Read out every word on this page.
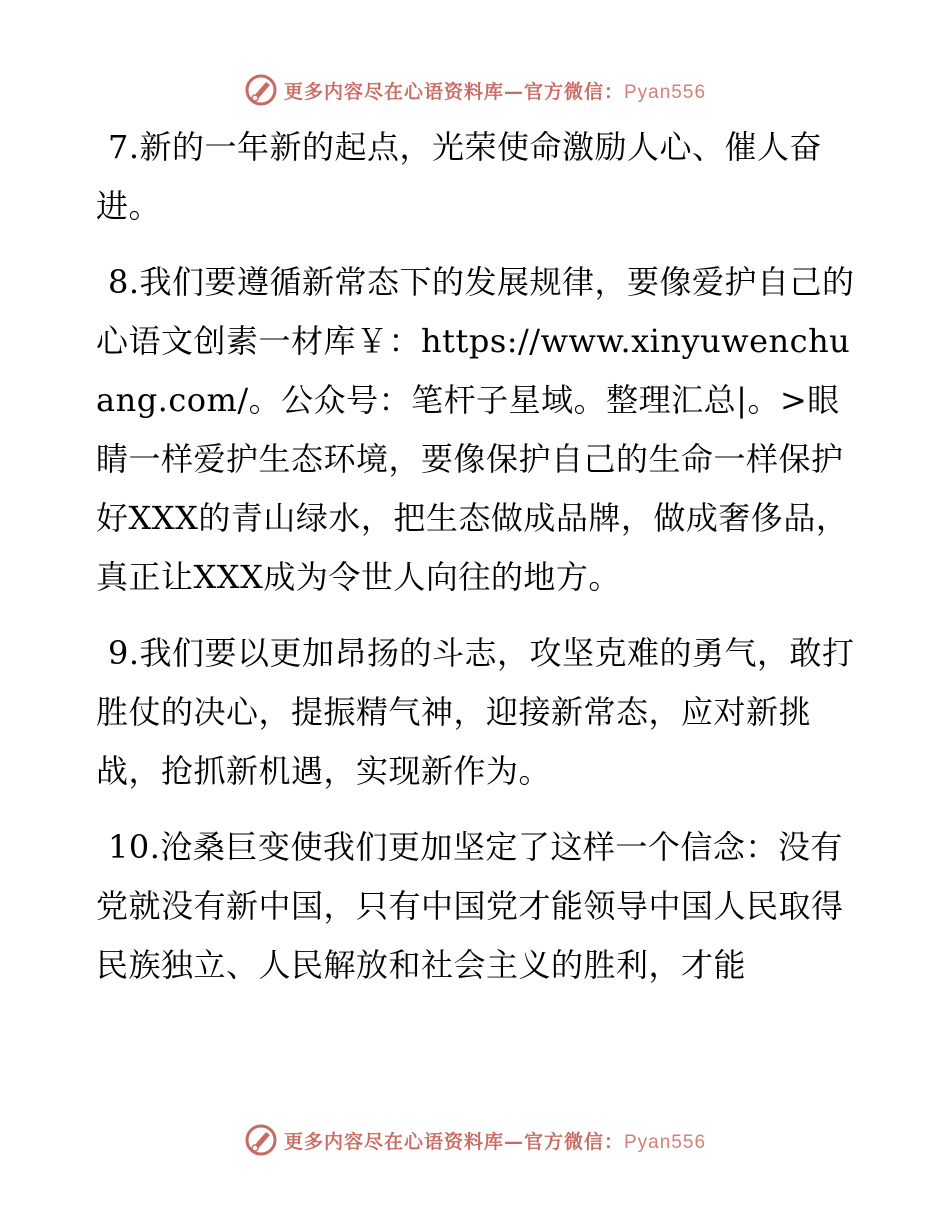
更多内容尽在心语资料库—官方微信：Pyan556

7.新的一年新的起点，光荣使命激励人心、催人奋进。

8.我们要遵循新常态下的发展规律，要像爱护自己的心语文创素一材库￥：https://www.xinyuwenchuang.com/。公众号：笔杆子星域。整理汇总|。>眼睛一样爱护生态环境，要像保护自己的生命一样保护好XXX的青山绿水，把生态做成品牌，做成奢侈品，真正让XXX成为令世人向往的地方。

9.我们要以更加昂扬的斗志，攻坚克难的勇气，敢打胜仗的决心，提振精气神，迎接新常态，应对新挑战，抢抓新机遇，实现新作为。

10.沧桑巨变使我们更加坚定了这样一个信念：没有党就没有新中国，只有中国党才能领导中国人民取得民族独立、人民解放和社会主义的胜利，才能

更多内容尽在心语资料库—官方微信：Pyan556
